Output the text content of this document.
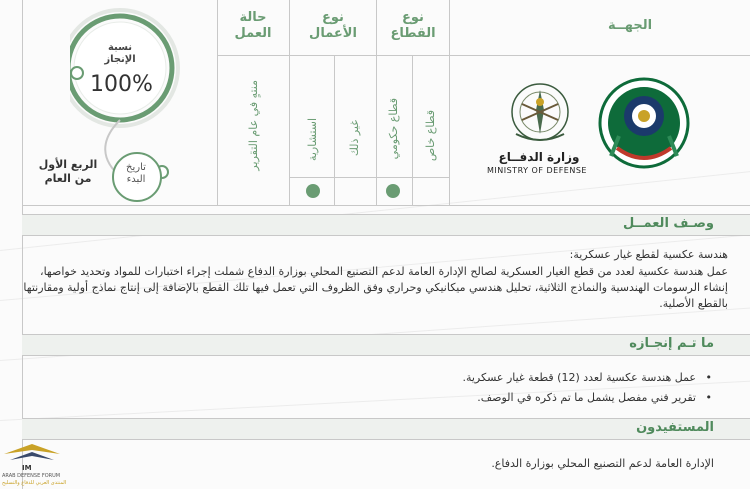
الجهــة
نوع
القطاع
نوع
الأعمال
حالة
العمل
قطاع خاص
قطاع حكومي
غير ذلك
استشارية
منتهٍ في عام التقرير
نسبة
الإنجاز
100%
تاريخ
البدء
الربع الأول
من العام
وزارة الدفــاع
MINISTRY OF DEFENSE
وصـف العمــل
هندسة عكسية لقطع غيار عسكرية:
عمل هندسة عكسية لعدد من قطع الغيار العسكرية لصالح الإدارة العامة لدعم التصنيع المحلي بوزارة الدفاع شملت إجراء اختبارات للمواد وتحديد خواصها، إنشاء الرسومات الهندسية والنماذج الثلاثية، تحليل هندسي ميكانيكي وحراري وفق الظروف التي تعمل فيها تلك القطع بالإضافة إلى إنتاج نماذج أولية ومقارنتها بالقطع الأصلية.
ما تـم إنجـازه
•
عمل هندسة عكسية لعدد (12) قطعة غيار عسكرية.
•
تقرير فني مفصل يشمل ما تم ذكره في الوصف.
المستفيدون
الإدارة العامة لدعم التصنيع المحلي بوزارة الدفاع.
IM
ARAB DEFENSE FORUM
المنتدى العربي للدفاع والتسليح
